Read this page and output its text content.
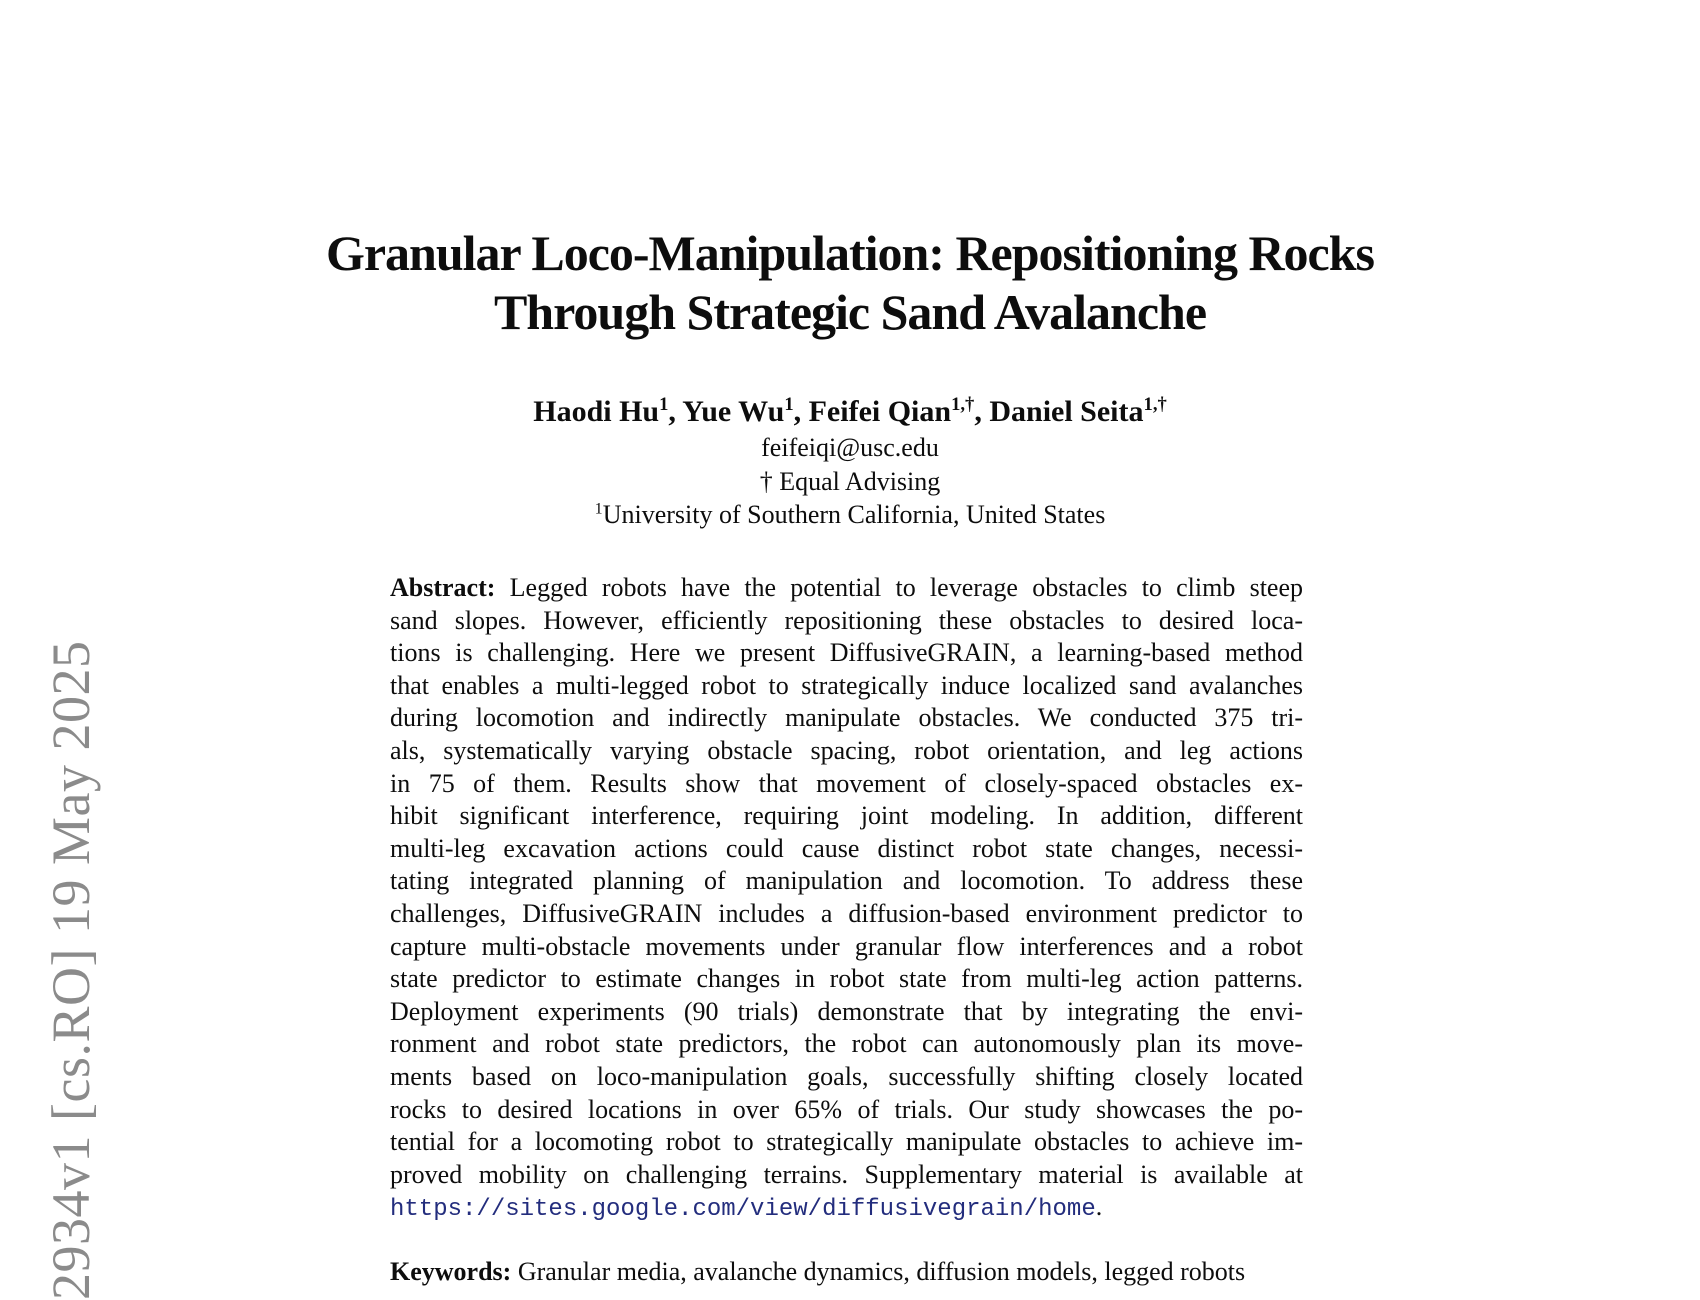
2934v1 [cs.RO] 19 May 2025
Granular Loco-Manipulation: Repositioning Rocks
Through Strategic Sand Avalanche
Haodi Hu$^1$, Yue Wu$^1$, Feifei Qian$^{1,\dagger}$, Daniel Seita$^{1,\dagger}$
feifeiqi@usc.edu
† Equal Advising
$^1$University of Southern California, United States
Abstract: Legged robots have the potential to leverage obstacles to climb steep
sand slopes. However, efficiently repositioning these obstacles to desired loca-
tions is challenging. Here we present DiffusiveGRAIN, a learning-based method
that enables a multi-legged robot to strategically induce localized sand avalanches
during locomotion and indirectly manipulate obstacles. We conducted 375 tri-
als, systematically varying obstacle spacing, robot orientation, and leg actions
in 75 of them. Results show that movement of closely-spaced obstacles ex-
hibit significant interference, requiring joint modeling. In addition, different
multi-leg excavation actions could cause distinct robot state changes, necessi-
tating integrated planning of manipulation and locomotion. To address these
challenges, DiffusiveGRAIN includes a diffusion-based environment predictor to
capture multi-obstacle movements under granular flow interferences and a robot
state predictor to estimate changes in robot state from multi-leg action patterns.
Deployment experiments (90 trials) demonstrate that by integrating the envi-
ronment and robot state predictors, the robot can autonomously plan its move-
ments based on loco-manipulation goals, successfully shifting closely located
rocks to desired locations in over 65% of trials. Our study showcases the po-
tential for a locomoting robot to strategically manipulate obstacles to achieve im-
proved mobility on challenging terrains. Supplementary material is available at
https://sites.google.com/view/diffusivegrain/home.
Keywords: Granular media, avalanche dynamics, diffusion models, legged robots
